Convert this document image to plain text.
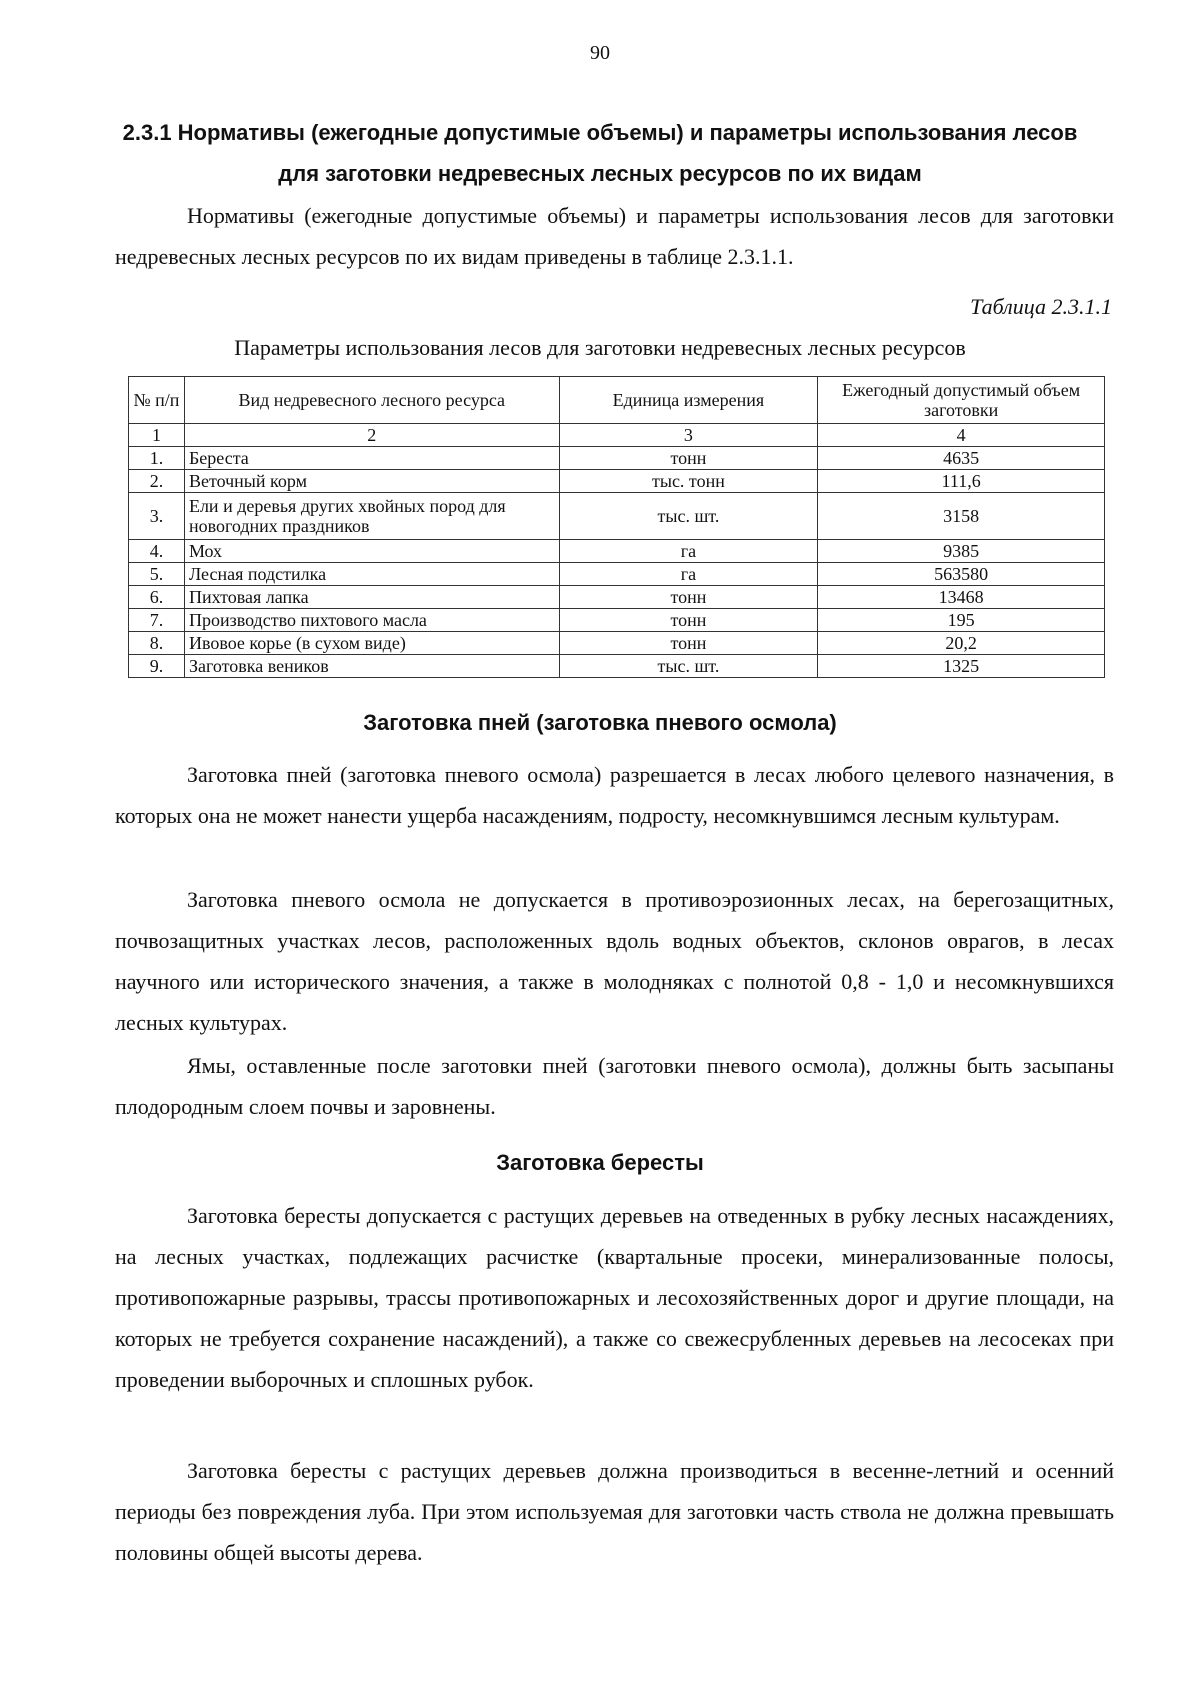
90
2.3.1 Нормативы (ежегодные допустимые объемы) и параметры использования лесов для заготовки недревесных лесных ресурсов по их видам

Нормативы (ежегодные допустимые объемы) и параметры использования лесов для заготовки недревесных лесных ресурсов по их видам приведены в таблице 2.3.1.1.

Таблица 2.3.1.1
Параметры использования лесов для заготовки недревесных лесных ресурсов
№ п/п	Вид недревесного лесного ресурса	Единица измерения	Ежегодный допустимый объем заготовки
1	2	3	4
1.	Береста	тонн	4635
2.	Веточный корм	тыс. тонн	111,6
3.	Ели и деревья других хвойных пород для новогодних праздников	тыс. шт.	3158
4.	Мох	га	9385
5.	Лесная подстилка	га	563580
6.	Пихтовая лапка	тонн	13468
7.	Производство пихтового масла	тонн	195
8.	Ивовое корье (в сухом виде)	тонн	20,2
9.	Заготовка веников	тыс. шт.	1325
Заготовка пней (заготовка пневого осмола)

Заготовка пней (заготовка пневого осмола) разрешается в лесах любого целевого назначения, в которых она не может нанести ущерба насаждениям, подросту, несомкнувшимся лесным культурам.

Заготовка пневого осмола не допускается в противоэрозионных лесах, на берегозащитных, почвозащитных участках лесов, расположенных вдоль водных объектов, склонов оврагов, в лесах научного или исторического значения, а также в молодняках с полнотой 0,8 - 1,0 и несомкнувшихся лесных культурах.

Ямы, оставленные после заготовки пней (заготовки пневого осмола), должны быть засыпаны плодородным слоем почвы и заровнены.

Заготовка бересты

Заготовка бересты допускается с растущих деревьев на отведенных в рубку лесных насаждениях, на лесных участках, подлежащих расчистке (квартальные просеки, минерализованные полосы, противопожарные разрывы, трассы противопожарных и лесохозяйственных дорог и другие площади, на которых не требуется сохранение насаждений), а также со свежесрубленных деревьев на лесосеках при проведении выборочных и сплошных рубок.

Заготовка бересты с растущих деревьев должна производиться в весенне-летний и осенний периоды без повреждения луба. При этом используемая для заготовки часть ствола не должна превышать половины общей высоты дерева.
